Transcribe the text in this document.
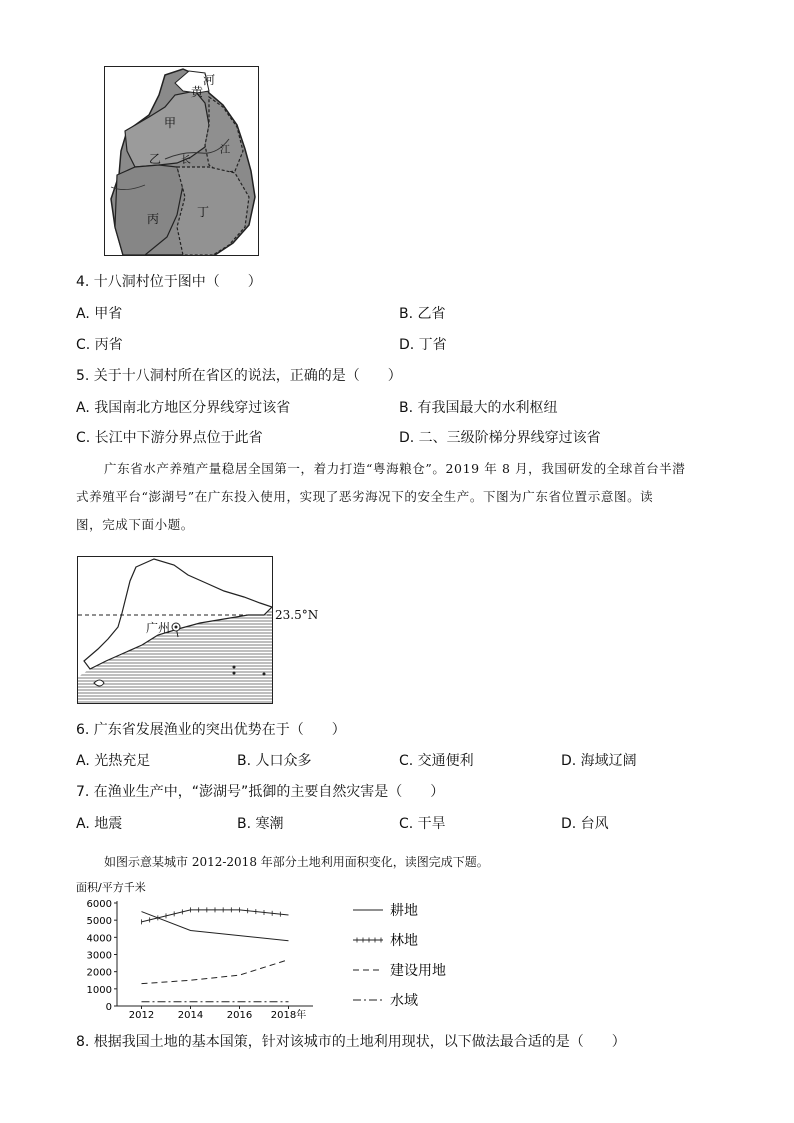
河
黄
甲
江
乙 长
丙	丁
4. 十八洞村位于图中（　　）
A. 甲省	B. 乙省
C. 丙省	D. 丁省
5. 关于十八洞村所在省区的说法，正确的是（　　）
A. 我国南北方地区分界线穿过该省	B. 有我国最大的水利枢纽
C. 长江中下游分界点位于此省	D. 二、三级阶梯分界线穿过该省
广东省水产养殖产量稳居全国第一，着力打造“粤海粮仓”。2019 年 8 月，我国研发的全球首台半潜
式养殖平台“澎湖号”在广东投入使用，实现了恶劣海况下的安全生产。下图为广东省位置示意图。读
图，完成下面小题。
广州
23.5°N
6. 广东省发展渔业的突出优势在于（　　）
A. 光热充足	B. 人口众多	C. 交通便利	D. 海域辽阔
7. 在渔业生产中，“澎湖号”抵御的主要自然灾害是（　　）
A. 地震	B. 寒潮	C. 干旱	D. 台风
如图示意某城市 2012-2018 年部分土地利用面积变化，读图完成下题。
面积/平方千米
0
1000
2000
3000
4000
5000
6000
2012 2014 2016 2018年
耕地
林地
建设用地
水域
8. 根据我国土地的基本国策，针对该城市的土地利用现状，以下做法最合适的是（　　）
